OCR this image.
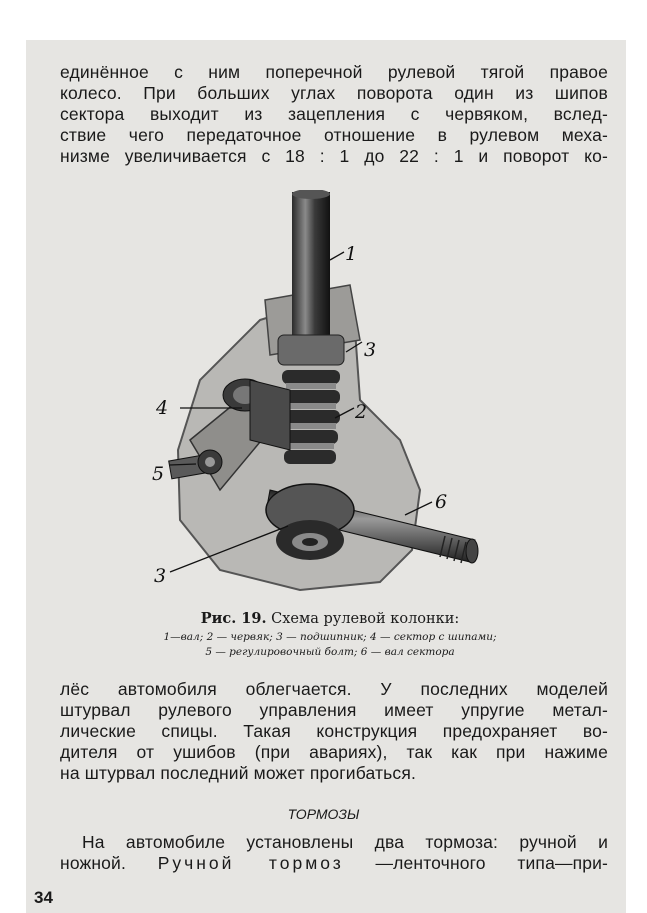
единённое с ним поперечной рулевой тягой правое
колесо. При больших углах поворота один из шипов
сектора выходит из зацепления с червяком, вслед-
ствие чего передаточное отношение в рулевом меха-
низме увеличивается с 18 : 1 до 22 : 1 и поворот ко-
1
3
2
4
5
6
3
Рис. 19. Схема рулевой колонки:
1—вал; 2 — червяк; 3 — подшипник; 4 — сектор с шипами;
5 — регулировочный болт; 6 — вал сектора
лёс автомобиля облегчается. У последних моделей
штурвал рулевого управления имеет упругие метал-
лические спицы. Такая конструкция предохраняет во-
дителя от ушибов (при авариях), так как при нажиме
на штурвал последний может прогибаться.
ТОРМОЗЫ
На автомобиле установлены два тормоза: ручной и
ножной. Ручной тормоз —ленточного типа—при-
34
